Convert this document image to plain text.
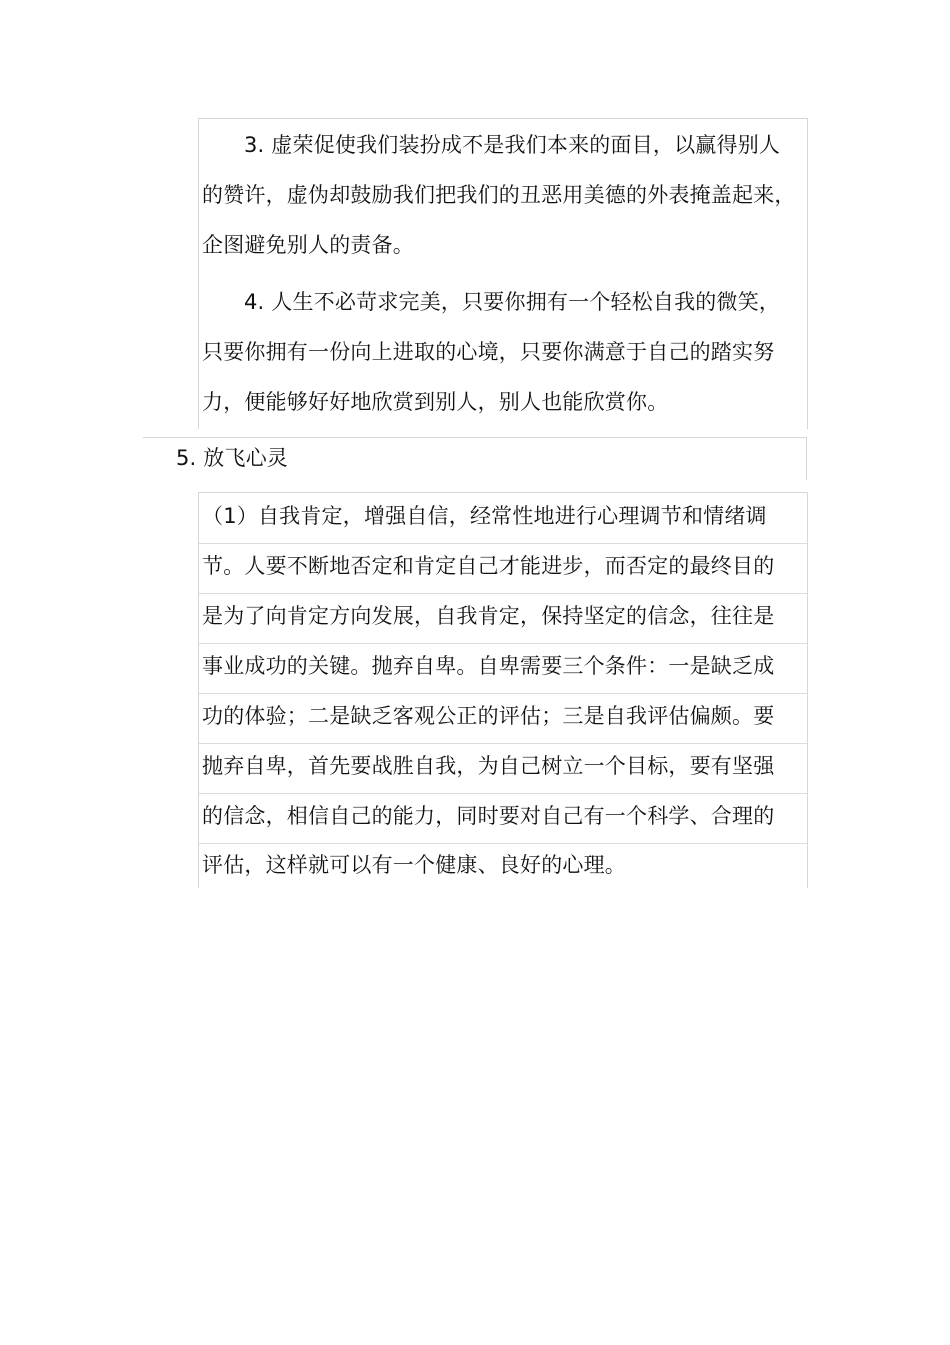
3. 虚荣促使我们装扮成不是我们本来的面目，以赢得别人
的赞许，虚伪却鼓励我们把我们的丑恶用美德的外表掩盖起来，
企图避免别人的责备。
4. 人生不必苛求完美，只要你拥有一个轻松自我的微笑，
只要你拥有一份向上进取的心境，只要你满意于自己的踏实努
力，便能够好好地欣赏到别人，别人也能欣赏你。
5. 放飞心灵
（1）自我肯定，增强自信，经常性地进行心理调节和情绪调
节。人要不断地否定和肯定自己才能进步，而否定的最终目的
是为了向肯定方向发展，自我肯定，保持坚定的信念，往往是
事业成功的关键。抛弃自卑。自卑需要三个条件：一是缺乏成
功的体验；二是缺乏客观公正的评估；三是自我评估偏颇。要
抛弃自卑，首先要战胜自我，为自己树立一个目标，要有坚强
的信念，相信自己的能力，同时要对自己有一个科学、合理的
评估，这样就可以有一个健康、良好的心理。
